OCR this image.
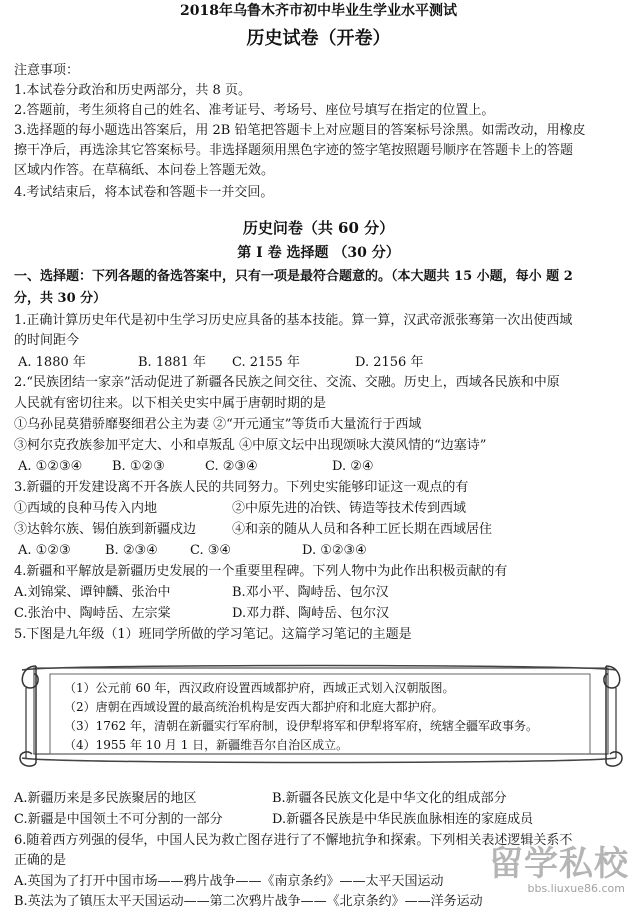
2018年乌鲁木齐市初中毕业生学业水平测试
历史试卷（开卷）
注意事项：
1.本试卷分政治和历史两部分，共 8 页。
2.答题前，考生须将自己的姓名、准考证号、考场号、座位号填写在指定的位置上。
3.选择题的每小题选出答案后，用 2B 铅笔把答题卡上对应题目的答案标号涂黑。如需改动，用橡皮
擦干净后，再选涂其它答案标号。非选择题须用黑色字迹的签字笔按照题号顺序在答题卡上的答题
区域内作答。在草稿纸、本问卷上答题无效。
4.考试结束后，将本试卷和答题卡一并交回。
历史问卷（共 60 分）
第 I 卷 选择题 （30 分）
一、选择题：下列各题的备选答案中，只有一项是最符合题意的。（本大题共 15 小题，每小 题 2
分，共 30 分）
1.正确计算历史年代是初中生学习历史应具备的基本技能。算一算，汉武帝派张骞第一次出使西域
的时间距今
A. 1880 年	B. 1881 年 C. 2155 年	D. 2156 年
2.“民族团结一家亲”活动促进了新疆各民族之间交往、交流、交融。历史上，西域各民族和中原
人民就有密切往来。以下相关史实中属于唐朝时期的是
①乌孙昆莫猎骄靡娶细君公主为妻 ②“开元通宝”等货币大量流行于西域
③柯尔克孜族参加平定大、小和卓叛乱 ④中原文坛中出现颂咏大漠风情的“边塞诗”
A. ①②③④ B. ①②③	C. ②③④	D. ②④
3.新疆的开发建设离不开各族人民的共同努力。下列史实能够印证这一观点的有
①西域的良种马传入内地	②中原先进的冶铁、铸造等技术传到西域
③达斡尔族、锡伯族到新疆戍边	④和亲的随从人员和各种工匠长期在西域居住
A. ①②③	B. ②③④ C. ③④	D. ①②③④
4.新疆和平解放是新疆历史发展的一个重要里程碑。下列人物中为此作出积极贡献的有
A.刘锦棠、谭钟麟、张治中	B.邓小平、陶峙岳、包尔汉
C.张治中、陶峙岳、左宗棠	D.邓力群、陶峙岳、包尔汉
5.下图是九年级（1）班同学所做的学习笔记。这篇学习笔记的主题是
（1）公元前 60 年，西汉政府设置西域都护府，西域正式划入汉朝版图。
（2）唐朝在西域设置的最高统治机构是安西大都护府和北庭大都护府。
（3）1762 年，清朝在新疆实行军府制，设伊犁将军和伊犁将军府，统辖全疆军政事务。
（4）1955 年 10 月 1 日，新疆维吾尔自治区成立。
A.新疆历来是多民族聚居的地区	B.新疆各民族文化是中华文化的组成部分
C.新疆是中国领土不可分割的一部分	D.新疆各民族是中华民族血脉相连的家庭成员
6.随着西方列强的侵华，中国人民为救亡图存进行了不懈地抗争和探索。下列相关表述逻辑关系不
正确的是
A.英国为了打开中国市场——鸦片战争——《南京条约》——太平天国运动
B.英法为了镇压太平天国运动——第二次鸦片战争——《北京条约》——洋务运动
留学私校
bbs.liuxue86.com
